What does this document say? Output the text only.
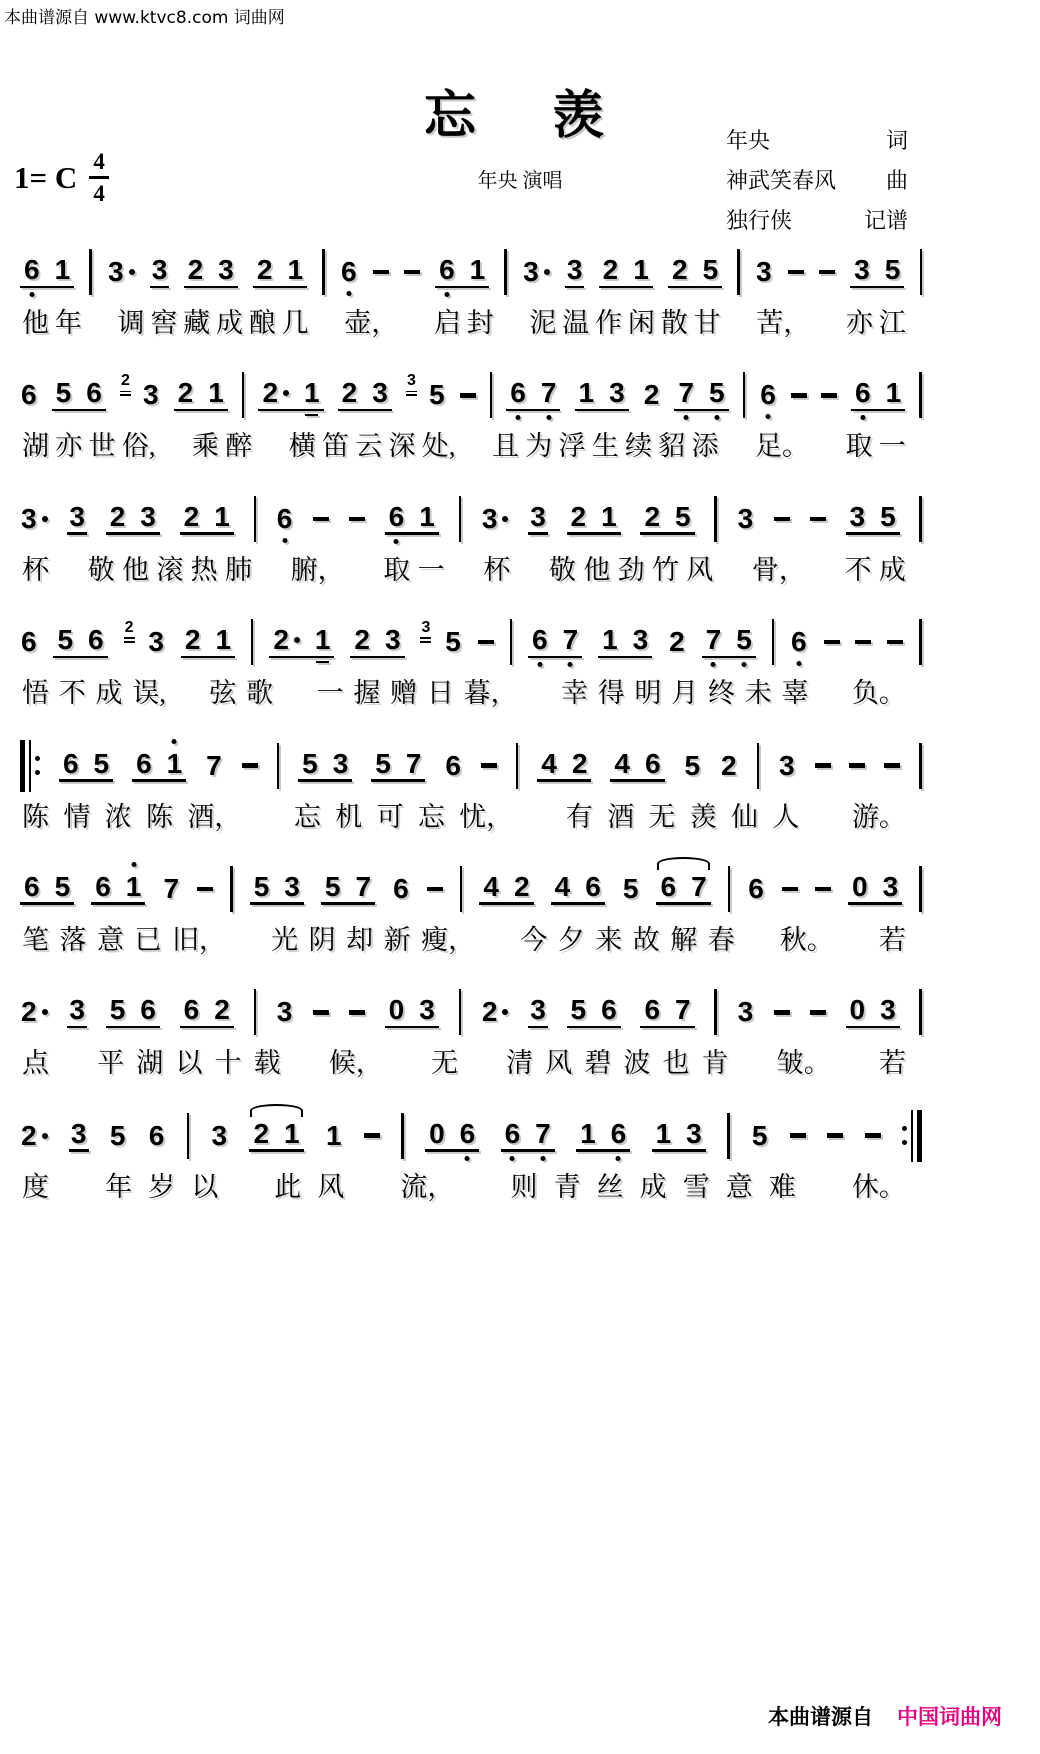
本曲谱源自 www.ktvc8.com 词曲网
忘　羡
年央 演唱
1= C $\frac{4}{4}$
年央	词
神武笑春风 曲
独行侠	记谱
6 1 3 3 2 3 2 1 6	6 1 3 3 2 1 2 5 3	3 5
他 年 调 窖 藏 成 酿 几 壶， 启 封 泥 温 作 闲 散 甘 苦， 亦 江
6 5 6 2 3 2 1 2 1 2 3 3 5 6 7 1 3 2 7 5 6	6 1
湖 亦 世 俗, 乘 醉 横 笛 云 深 处, 且 为 浮 生 续 貂 添 足。 取 一
3 3 2 3 2 1 6	6 1 3 3 2 1 2 5 3	3 5
杯 敬 他 滚 热 肺 腑， 取 一 杯 敬 他 劲 竹 风 骨， 不 成
6 5 6 2 3 2 1 2 1 2 3 3 5	6 7 1 3 2 7 5 6
悟 不 成 误, 弦 歌 一 握 赠 日 暮， 幸 得 明 月 终 未 辜 负。
6 5 6 1 7	5 3 5 7 6	4 2 4 6 5 2 3
陈 情 浓 陈 酒， 忘 机 可 忘 忧， 有 酒 无 羡 仙 人 游。
6 5 6 1 7	5 3 5 7 6	4 2 4 6 5 6 7 6	0 3
笔 落 意 已 旧， 光 阴 却 新 瘦， 今 夕 来 故 解 春 秋。 若
2 3 5 6 6 2 3	0 3 2 3 5 6 6 7 3	0 3
点 平 湖 以 十 载 候， 无 清 风 碧 波 也 肯 皱。 若
2 3 5 6 3 2 1 1	0 6 6 7 1 6 1 3 5
度 年 岁 以 此 风 流， 则 青 丝 成 雪 意 难 休。
本曲谱源自 中国词曲网
